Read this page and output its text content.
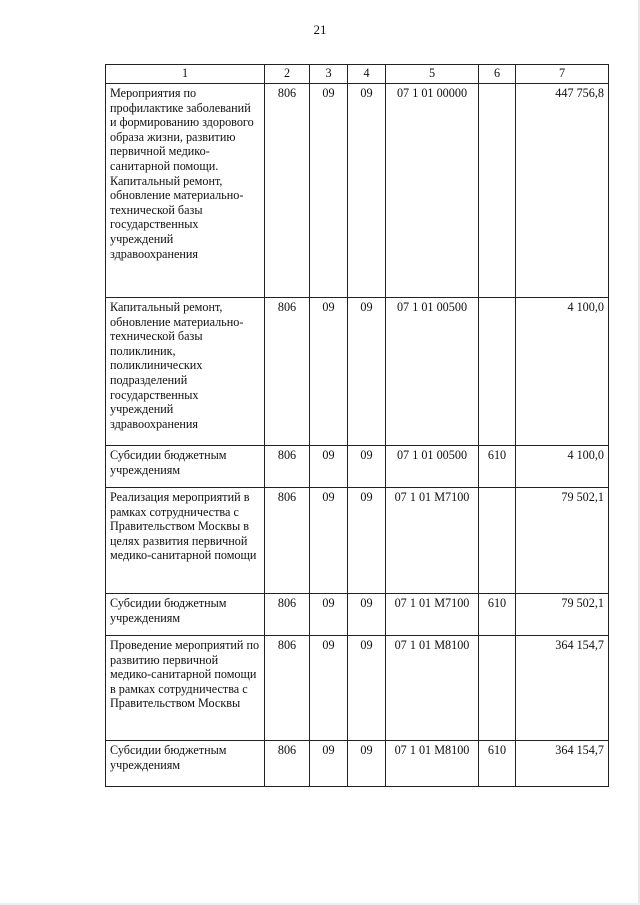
21
1	2	3	4	5	6	7
Мероприятия по профилактике заболеваний и формированию здорового образа жизни, развитию первичной медико-санитарной помощи. Капитальный ремонт, обновление материально-технической базы государственных учреждений здравоохранения	806	09	09	07 1 01 00000		447 756,8
Капитальный ремонт, обновление материально-технической базы поликлиник, поликлинических подразделений государственных учреждений здравоохранения	806	09	09	07 1 01 00500		4 100,0
Субсидии бюджетным учреждениям	806	09	09	07 1 01 00500	610	4 100,0
Реализация мероприятий в рамках сотрудничества с Правительством Москвы в целях развития первичной медико-санитарной помощи	806	09	09	07 1 01 М7100		79 502,1
Субсидии бюджетным учреждениям	806	09	09	07 1 01 М7100	610	79 502,1
Проведение мероприятий по развитию первичной медико-санитарной помощи в рамках сотрудничества с Правительством Москвы	806	09	09	07 1 01 М8100		364 154,7
Субсидии бюджетным учреждениям	806	09	09	07 1 01 М8100	610	364 154,7
